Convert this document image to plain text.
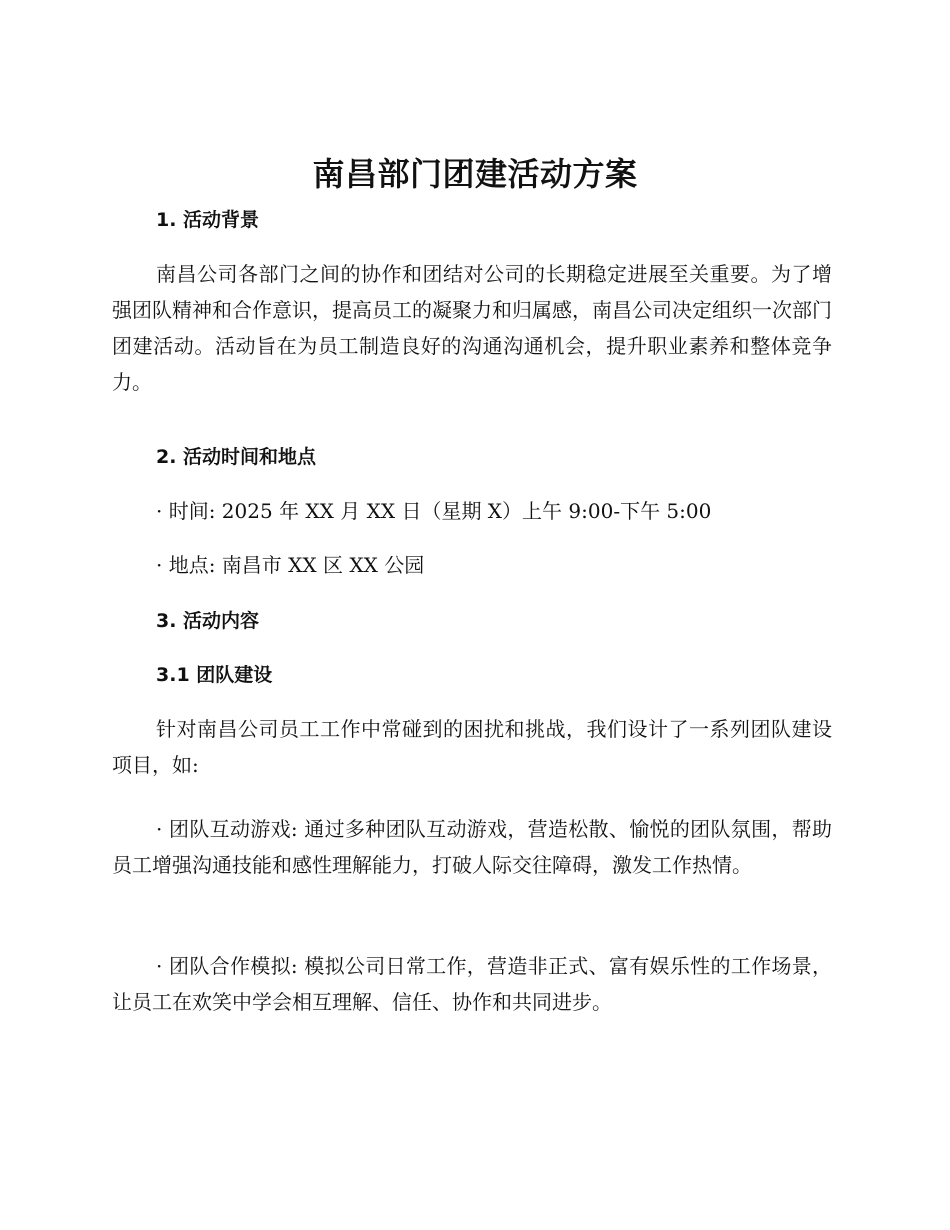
南昌部门团建活动方案
1. 活动背景
南昌公司各部门之间的协作和团结对公司的长期稳定进展至关重要。为了增强团队精神和合作意识，提高员工的凝聚力和归属感，南昌公司决定组织一次部门团建活动。活动旨在为员工制造良好的沟通沟通机会，提升职业素养和整体竞争力。
2. 活动时间和地点
· 时间: 2025 年 XX 月 XX 日（星期 X）上午 9:00-下午 5:00
· 地点: 南昌市 XX 区 XX 公园
3. 活动内容
3.1 团队建设
针对南昌公司员工工作中常碰到的困扰和挑战，我们设计了一系列团队建设项目，如:
· 团队互动游戏: 通过多种团队互动游戏，营造松散、愉悦的团队氛围，帮助员工增强沟通技能和感性理解能力，打破人际交往障碍，激发工作热情。
· 团队合作模拟: 模拟公司日常工作，营造非正式、富有娱乐性的工作场景，让员工在欢笑中学会相互理解、信任、协作和共同进步。
